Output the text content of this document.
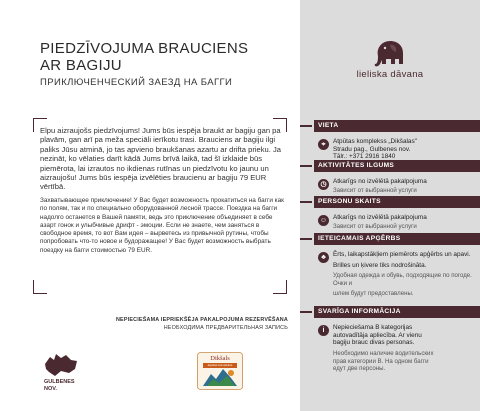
PIEDZĪVOJUMA BRAUCIENS
AR BAGIJU
ПРИКЛЮЧЕНЧЕСКИЙ ЗАЕЗД НА БАГГИ

Elpu aizraujošs piedzīvojums! Jums būs iespēja braukt ar bagiju gan pa plavām, gan arī pa meža speciāli ierīkotu trasi. Brauciens ar bagiju ilgi paliks Jūsu atminā, jo tas apvieno braukšanas azartu ar drifta prieku. Ja nezināt, ko vēlaties darīt kādā Jums brīvā laikā, tad šī izklaide būs piemērota, lai izrautos no ikdienas rutīnas un piedzīvotu ko jaunu un aizraujošu! Jums būs iespēja izvēlēties braucienu ar bagiju 79 EUR vērtībā.

Захватывающее приключение! У Вас будет возможность прокатиться на багги как по полям, так и по специально оборудованной лесной трассе. Поездка на багги надолго останется в Вашей памяти, ведь это приключение объединяет в себе азарт гонок и улыбчивые дрифт - эмоции. Если не знаете, чем заняться в свободное время, то вот Вам идея – вырветесь из привычной рутины, чтобы попробовать что-то новое и будоражащее! У Вас будет возможность выбрать поездку на багги стоимостью 79 EUR.

NEPIECIEŠAMA IEPRIEKŠĒJA PAKALPOJUMA REZERVĒŠANA
НЕОБХОДИМА ПРЕДВАРИТЕЛЬНАЯ ЗАПИСЬ
GULBENES
NOV.
Dikšals
atpūtas komplekss
lieliska dāvana
VIETA
⌖	Atpūtas komplekss „Dikšalas"
Stradu pag., Gulbenes nov.
Tālr.: +371 2916 1840
AKTIVITĀTES ILGUMS
◷	Atkarīgs no izvēlētā pakalpojuma
Зависит от выбранной услуги
PERSONU SKAITS
☺ Atkarīgs no izvēlētā pakalpojuma
Зависит от выбранной услуги
IETEICAMAIS APĢĒRBS
♣	Ērts, laikapstākļiem piemērots apģērbs un apavi.
Brilles un ķivere tiks nodrošināta.
Удобная одежда и обувь, подходящие по погоде. Очки и
шлем будут предоставлены.
SVARĪGA INFORMĀCIJA
i	Nepieciešama B kategorijas autovadītāja apliecība. Ar vienu bagiju brauc divas personas.
Необходимо наличие водительских прав категории B. На одном багги едут две персоны.
